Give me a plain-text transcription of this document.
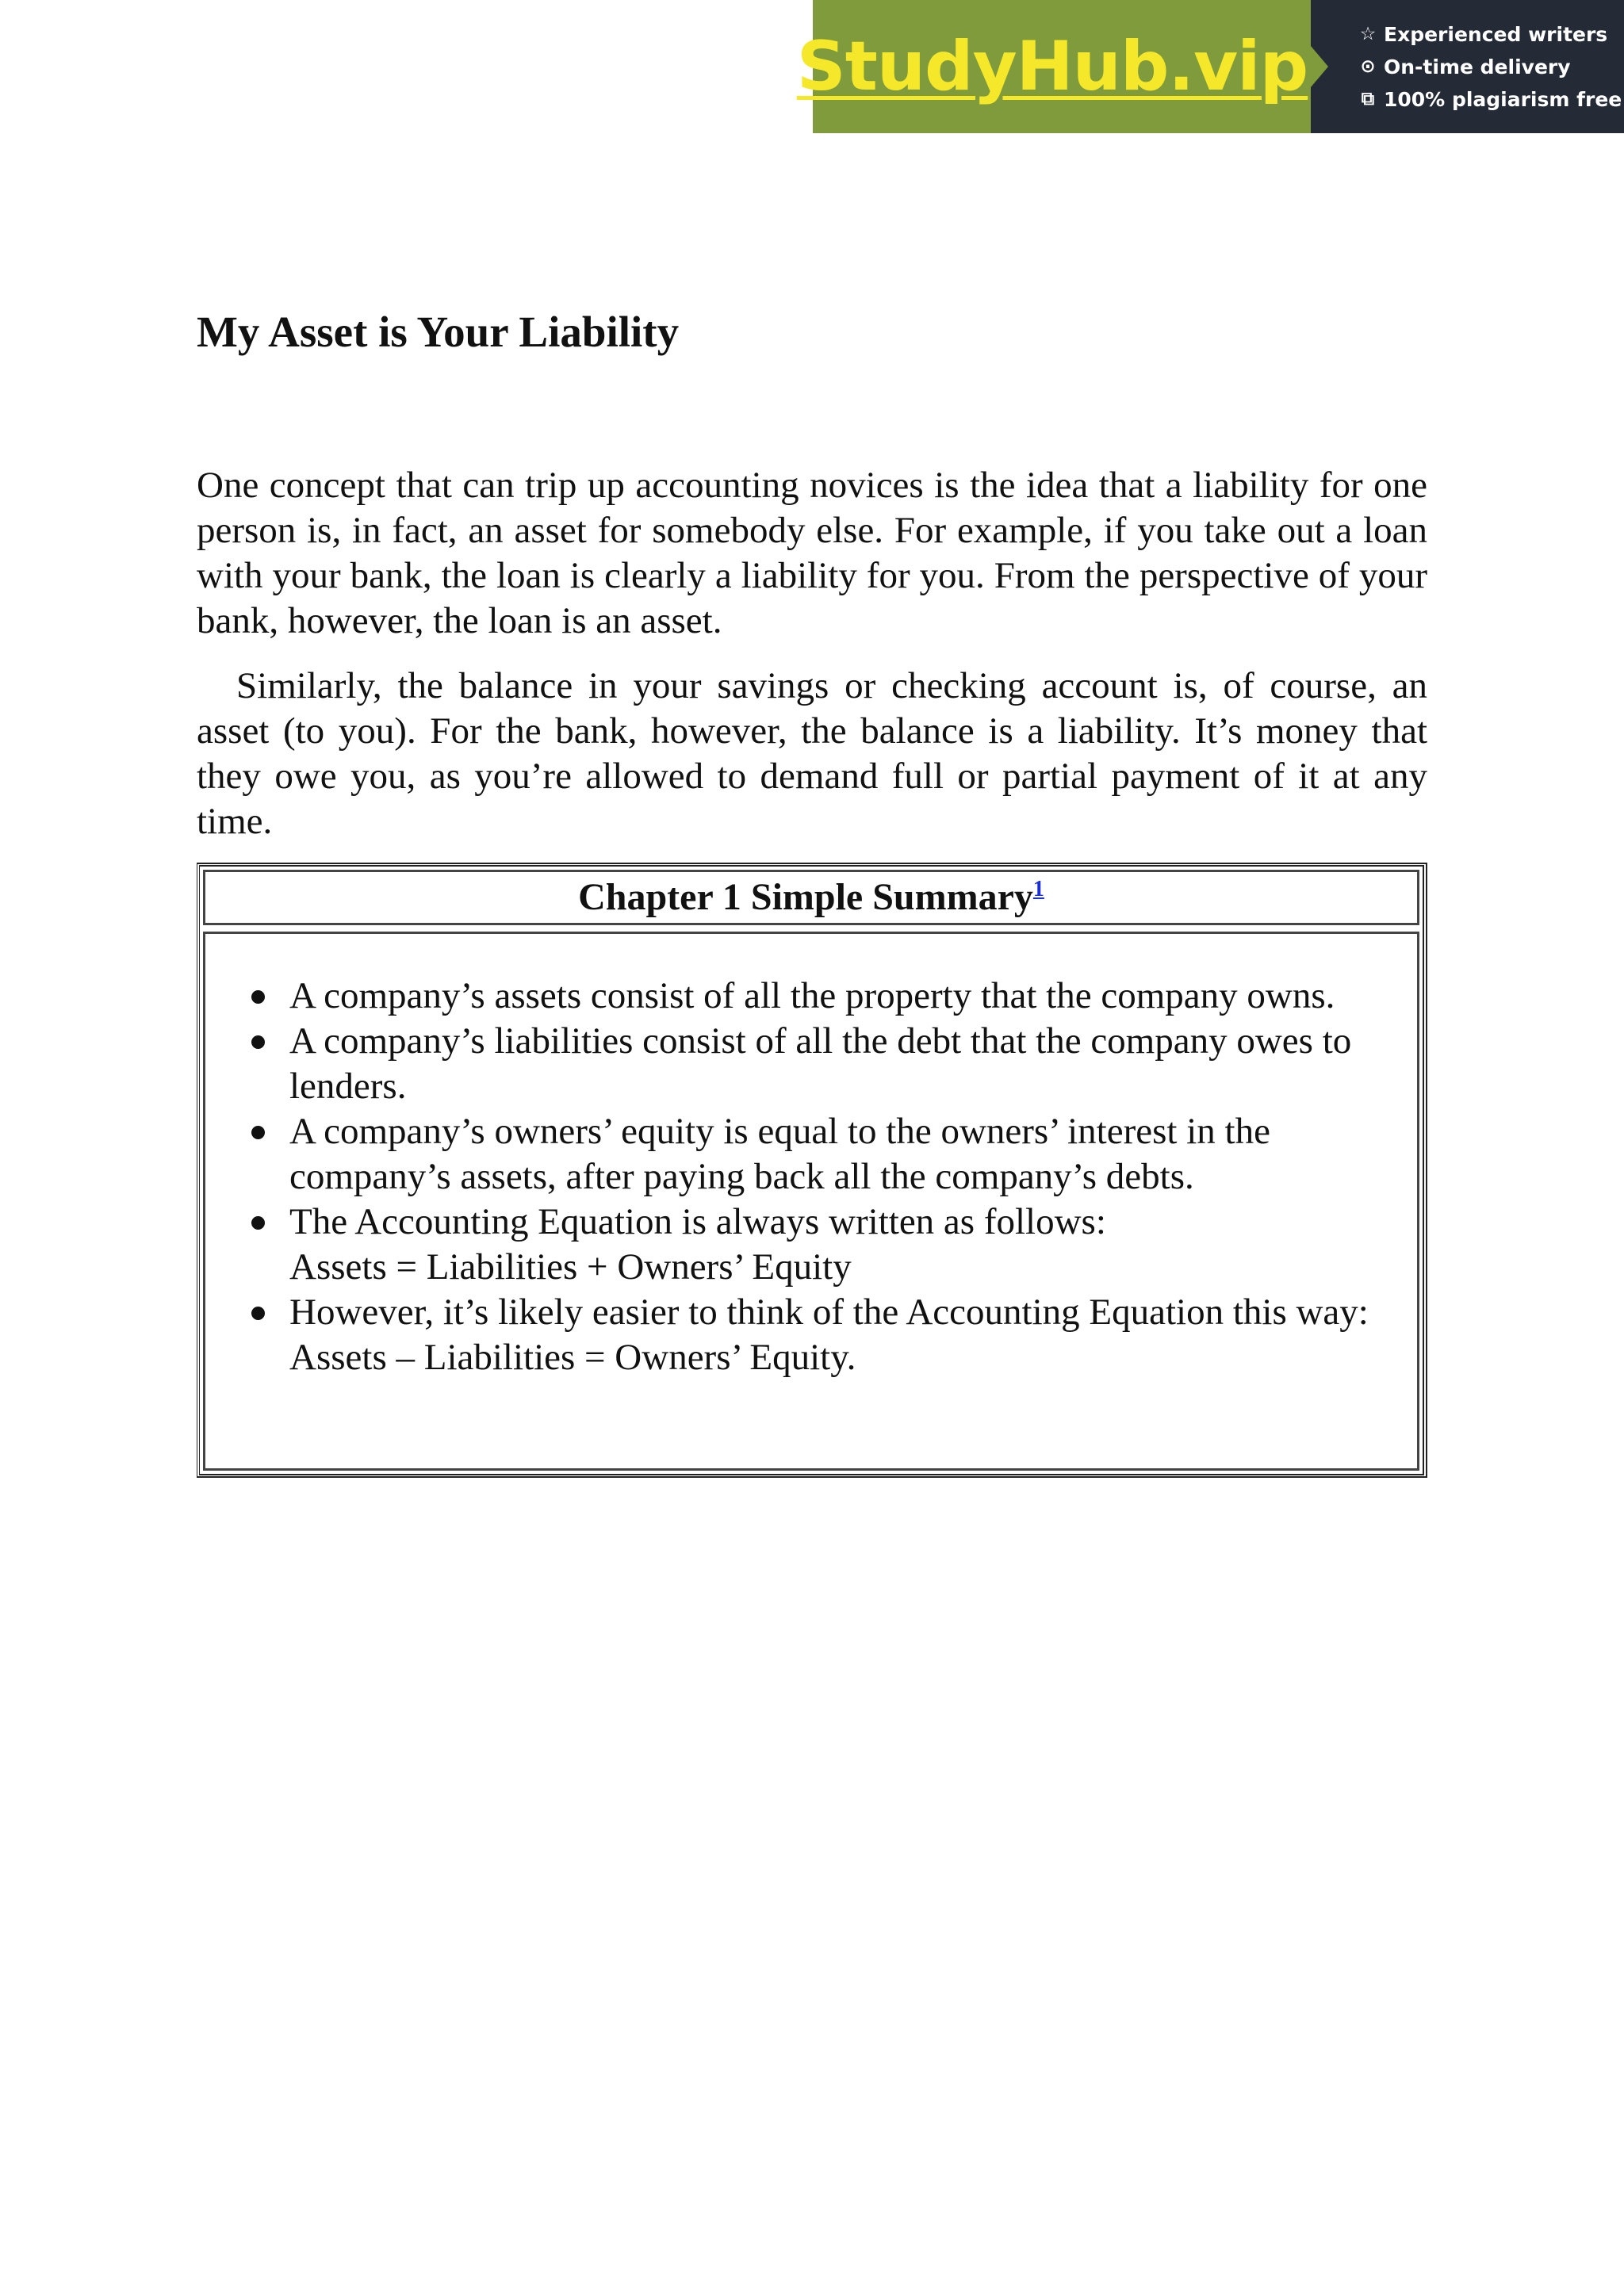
StudyHub.vip	☆ Experienced writers
⊙ On-time delivery
⧉ 100% plagiarism free
My Asset is Your Liability

One concept that can trip up accounting novices is the idea that a liability for one person is, in fact, an asset for somebody else. For example, if you take out a loan with your bank, the loan is clearly a liability for you. From the perspective of your bank, however, the loan is an asset.

Similarly, the balance in your savings or checking account is, of course, an asset (to you). For the bank, however, the balance is a liability. It’s money that they owe you, as you’re allowed to demand full or partial payment of it at any time.

Chapter 1 Simple Summary$^1$
A company’s assets consist of all the property that the company owns.
A company’s liabilities consist of all the debt that the company owes to lenders.
A company’s owners’ equity is equal to the owners’ interest in the company’s assets, after paying back all the company’s debts.
The Accounting Equation is always written as follows:
Assets = Liabilities + Owners’ Equity
However, it’s likely easier to think of the Accounting Equation this way:
Assets – Liabilities = Owners’ Equity.
